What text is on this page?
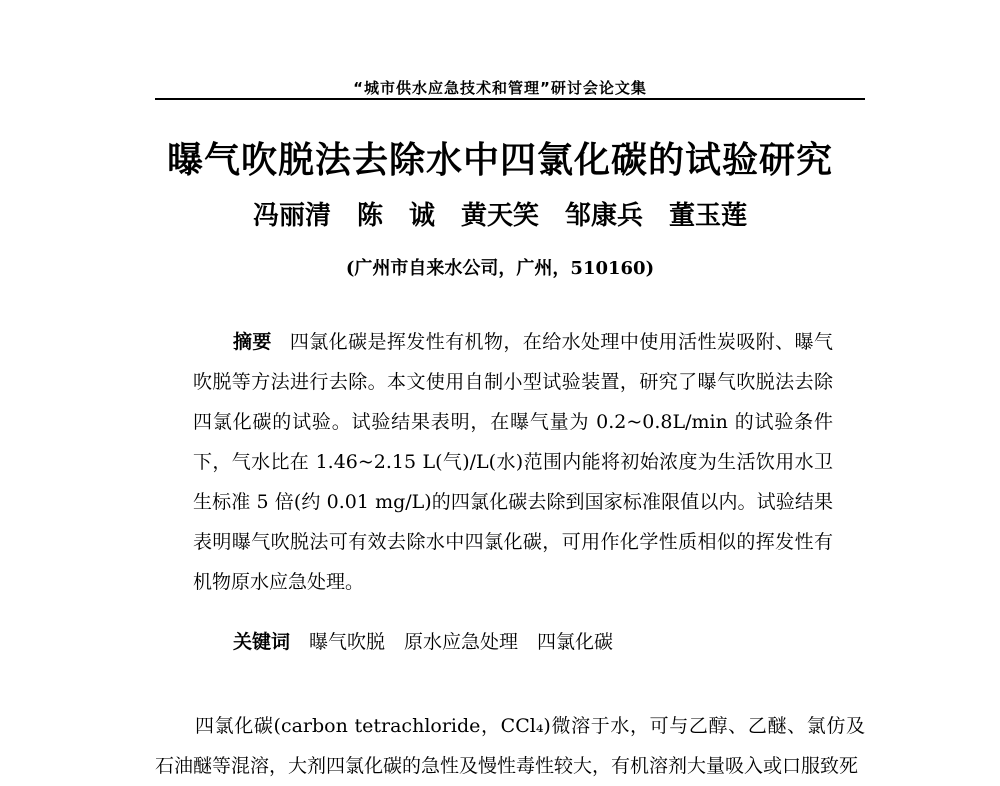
“城市供水应急技术和管理”研讨会论文集
曝气吹脱法去除水中四氯化碳的试验研究
冯丽清　陈　诚　黄天笑　邹康兵　董玉莲
(广州市自来水公司，广州，510160)
摘要 四氯化碳是挥发性有机物，在给水处理中使用活性炭吸附、曝气吹脱等方法进行去除。本文使用自制小型试验装置，研究了曝气吹脱法去除四氯化碳的试验。试验结果表明，在曝气量为 0.2~0.8L/min 的试验条件下，气水比在 1.46~2.15 L(气)/L(水)范围内能将初始浓度为生活饮用水卫生标准 5 倍(约 0.01 mg/L)的四氯化碳去除到国家标准限值以内。试验结果表明曝气吹脱法可有效去除水中四氯化碳，可用作化学性质相似的挥发性有机物原水应急处理。
关键词　 曝气吹脱　原水应急处理　四氯化碳
四氯化碳(carbon tetrachloride，CCl₄)微溶于水，可与乙醇、乙醚、氯仿及石油醚等混溶，大剂四氯化碳的急性及慢性毒性较大，有机溶剂大量吸入或口服致死
